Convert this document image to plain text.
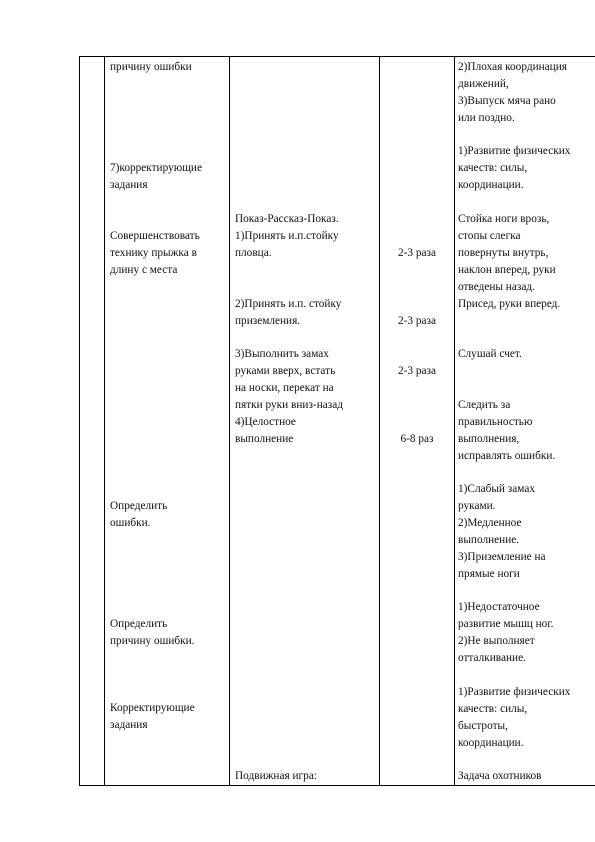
причину ошибки
7)корректирующие
задания
Совершенствовать
технику прыжка в
длину с места
Определить
ошибки.
Определить
причину ошибки.
Корректирующие
задания
Показ-Рассказ-Показ.
1)Принять и.п.стойку
пловца.
2)Принять и.п. стойку
приземления.
3)Выполнить замах
руками вверх, встать
на носки, перекат на
пятки руки вниз-назад
4)Целостное
выполнение
Подвижная игра:
2-3 раза
2-3 раза
2-3 раза
6-8 раз
2)Плохая координация
движений,
3)Выпуск мяча рано
или поздно.
1)Развитие физических
качеств: силы,
координации.
Стойка ноги врозь,
стопы слегка
повернуты внутрь,
наклон вперед, руки
отведены назад.
Присед, руки вперед.
Слушай счет.
Следить за
правильностью
выполнения,
исправлять ошибки.
1)Слабый замах
руками.
2)Медленное
выполнение.
3)Приземление на
прямые ноги
1)Недостаточное
развитие мышц ног.
2)Не выполняет
отталкивание.
1)Развитие физических
качеств: силы,
быстроты,
координации.
Задача охотников
